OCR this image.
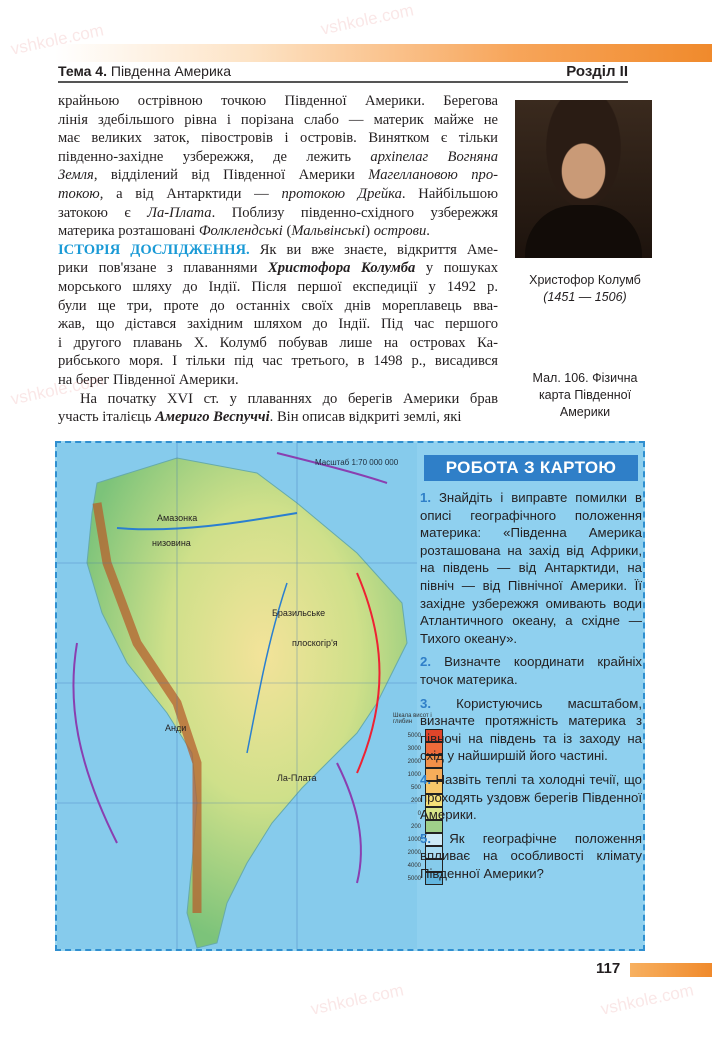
Тема 4. Південна Америка	Розділ II
крайньою острівною точкою Південної Америки. Берегова
лінія здебільшого рівна і порізана слабо — материк майже не
має великих заток, півостровів і островів. Винятком є тільки
південно-західне узбережжя, де лежить архіпелаг Вогняна
Земля, відділений від Південної Америки Магеллановою про-
токою, а від Антарктиди — протокою Дрейка. Найбільшою
затокою є Ла-Плата. Поблизу південно-східного узбережжя
материка розташовані Фолклендські (Мальвінські) острови.
ІСТОРІЯ ДОСЛІДЖЕННЯ. Як ви вже знаєте, відкриття Аме-
рики пов'язане з плаваннями Христофора Колумба у пошуках
морського шляху до Індії. Після першої експедиції у 1492 р.
були ще три, проте до останніх своїх днів мореплавець вва-
жав, що дістався західним шляхом до Індії. Під час першого
і другого плавань Х. Колумб побував лише на островах Ка-
рибського моря. І тільки під час третього, в 1498 р., висадився
на берег Південної Америки.
На початку XVI ст. у плаваннях до берегів Америки брав
участь італієць Америго Веспуччі. Він описав відкриті землі, які
Христофор Колумб
(1451 — 1506)
Мал. 106. Фізична
карта Південної
Америки
Масштаб 1:70 000 000
Амазонка
низовина
Бразильське
плоскогір'я
Ла-Плата
Анди
Шкала висот і глибин
5000
3000
2000
1000
500
200
0
200
1000
2000
4000
5000
РОБОТА З КАРТОЮ
1. Знайдіть і виправте помилки в описі географічного положення материка: «Південна Америка розташована на захід від Африки, на південь — від Антарктиди, на північ — від Північної Америки. Її західне узбережжя омивають води Атлантичного океану, а східне — Тихого океану».
2. Визначте координати крайніх точок материка.
3. Користуючись масштабом, визначте протяжність материка з півночі на південь та із заходу на схід у найширшій його частині.
4. Назвіть теплі та холодні течії, що проходять уздовж берегів Південної Америки.
5. Як географічне положення впливає на особливості клімату Південної Америки?
117
vshkole.com
vshkole.com
vshkole.com
vshkole.com	vshkole.com
